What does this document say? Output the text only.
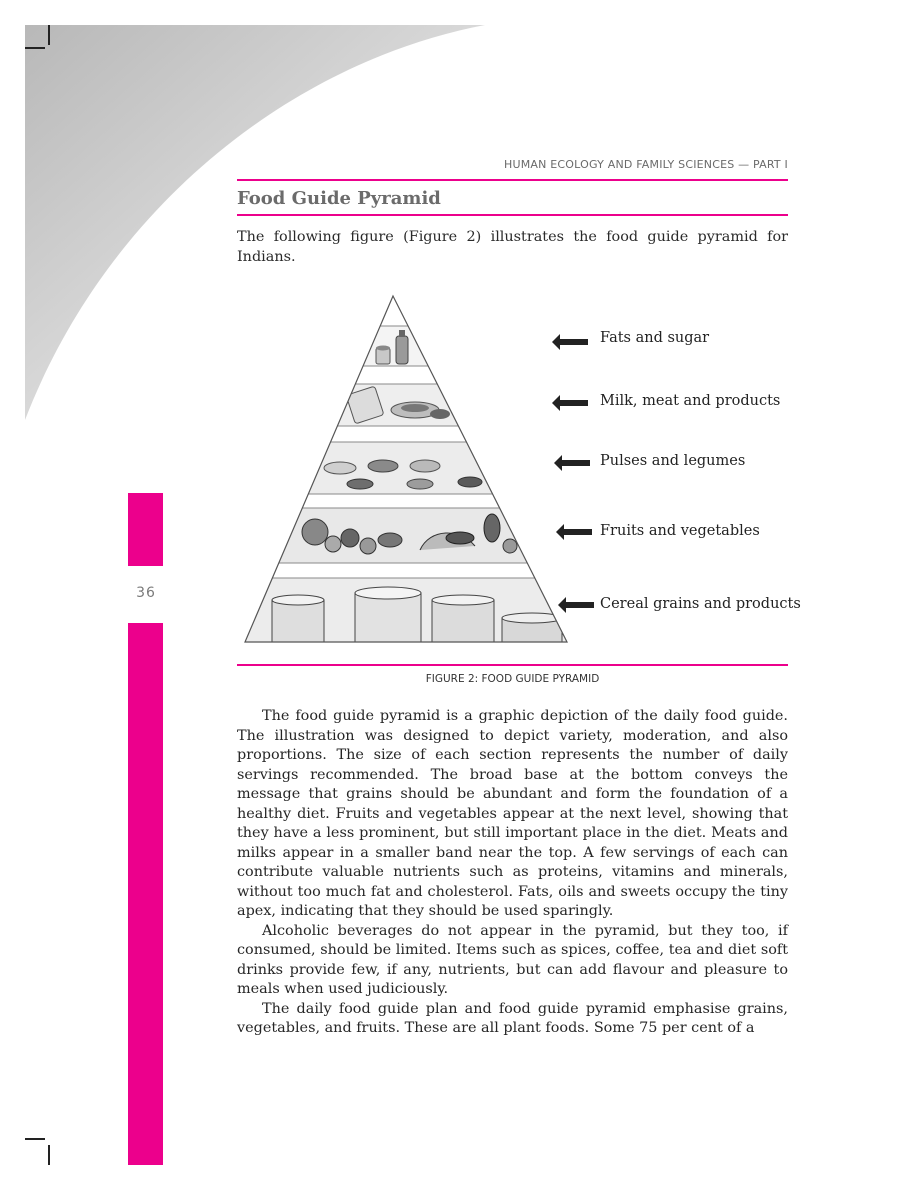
36
HUMAN ECOLOGY AND FAMILY SCIENCES — PART I
Food Guide Pyramid
The following figure (Figure 2) illustrates the food guide pyramid for Indians.
Fats and sugar
Milk, meat and products
Pulses and legumes
Fruits and vegetables
Cereal grains and products
FIGURE 2: FOOD GUIDE PYRAMID

The food guide pyramid is a graphic depiction of the daily food guide. The illustration was designed to depict variety, moderation, and also proportions. The size of each section represents the number of daily servings recommended. The broad base at the bottom conveys the message that grains should be abundant and form the foundation of a healthy diet. Fruits and vegetables appear at the next level, showing that they have a less prominent, but still important place in the diet. Meats and milks appear in a smaller band near the top. A few servings of each can contribute valuable nutrients such as proteins, vitamins and minerals, without too much fat and cholesterol. Fats, oils and sweets occupy the tiny apex, indicating that they should be used sparingly.

Alcoholic beverages do not appear in the pyramid, but they too, if consumed, should be limited. Items such as spices, coffee, tea and diet soft drinks provide few, if any, nutrients, but can add flavour and pleasure to meals when used judiciously.

The daily food guide plan and food guide pyramid emphasise grains, vegetables, and fruits. These are all plant foods. Some 75 per cent of a
